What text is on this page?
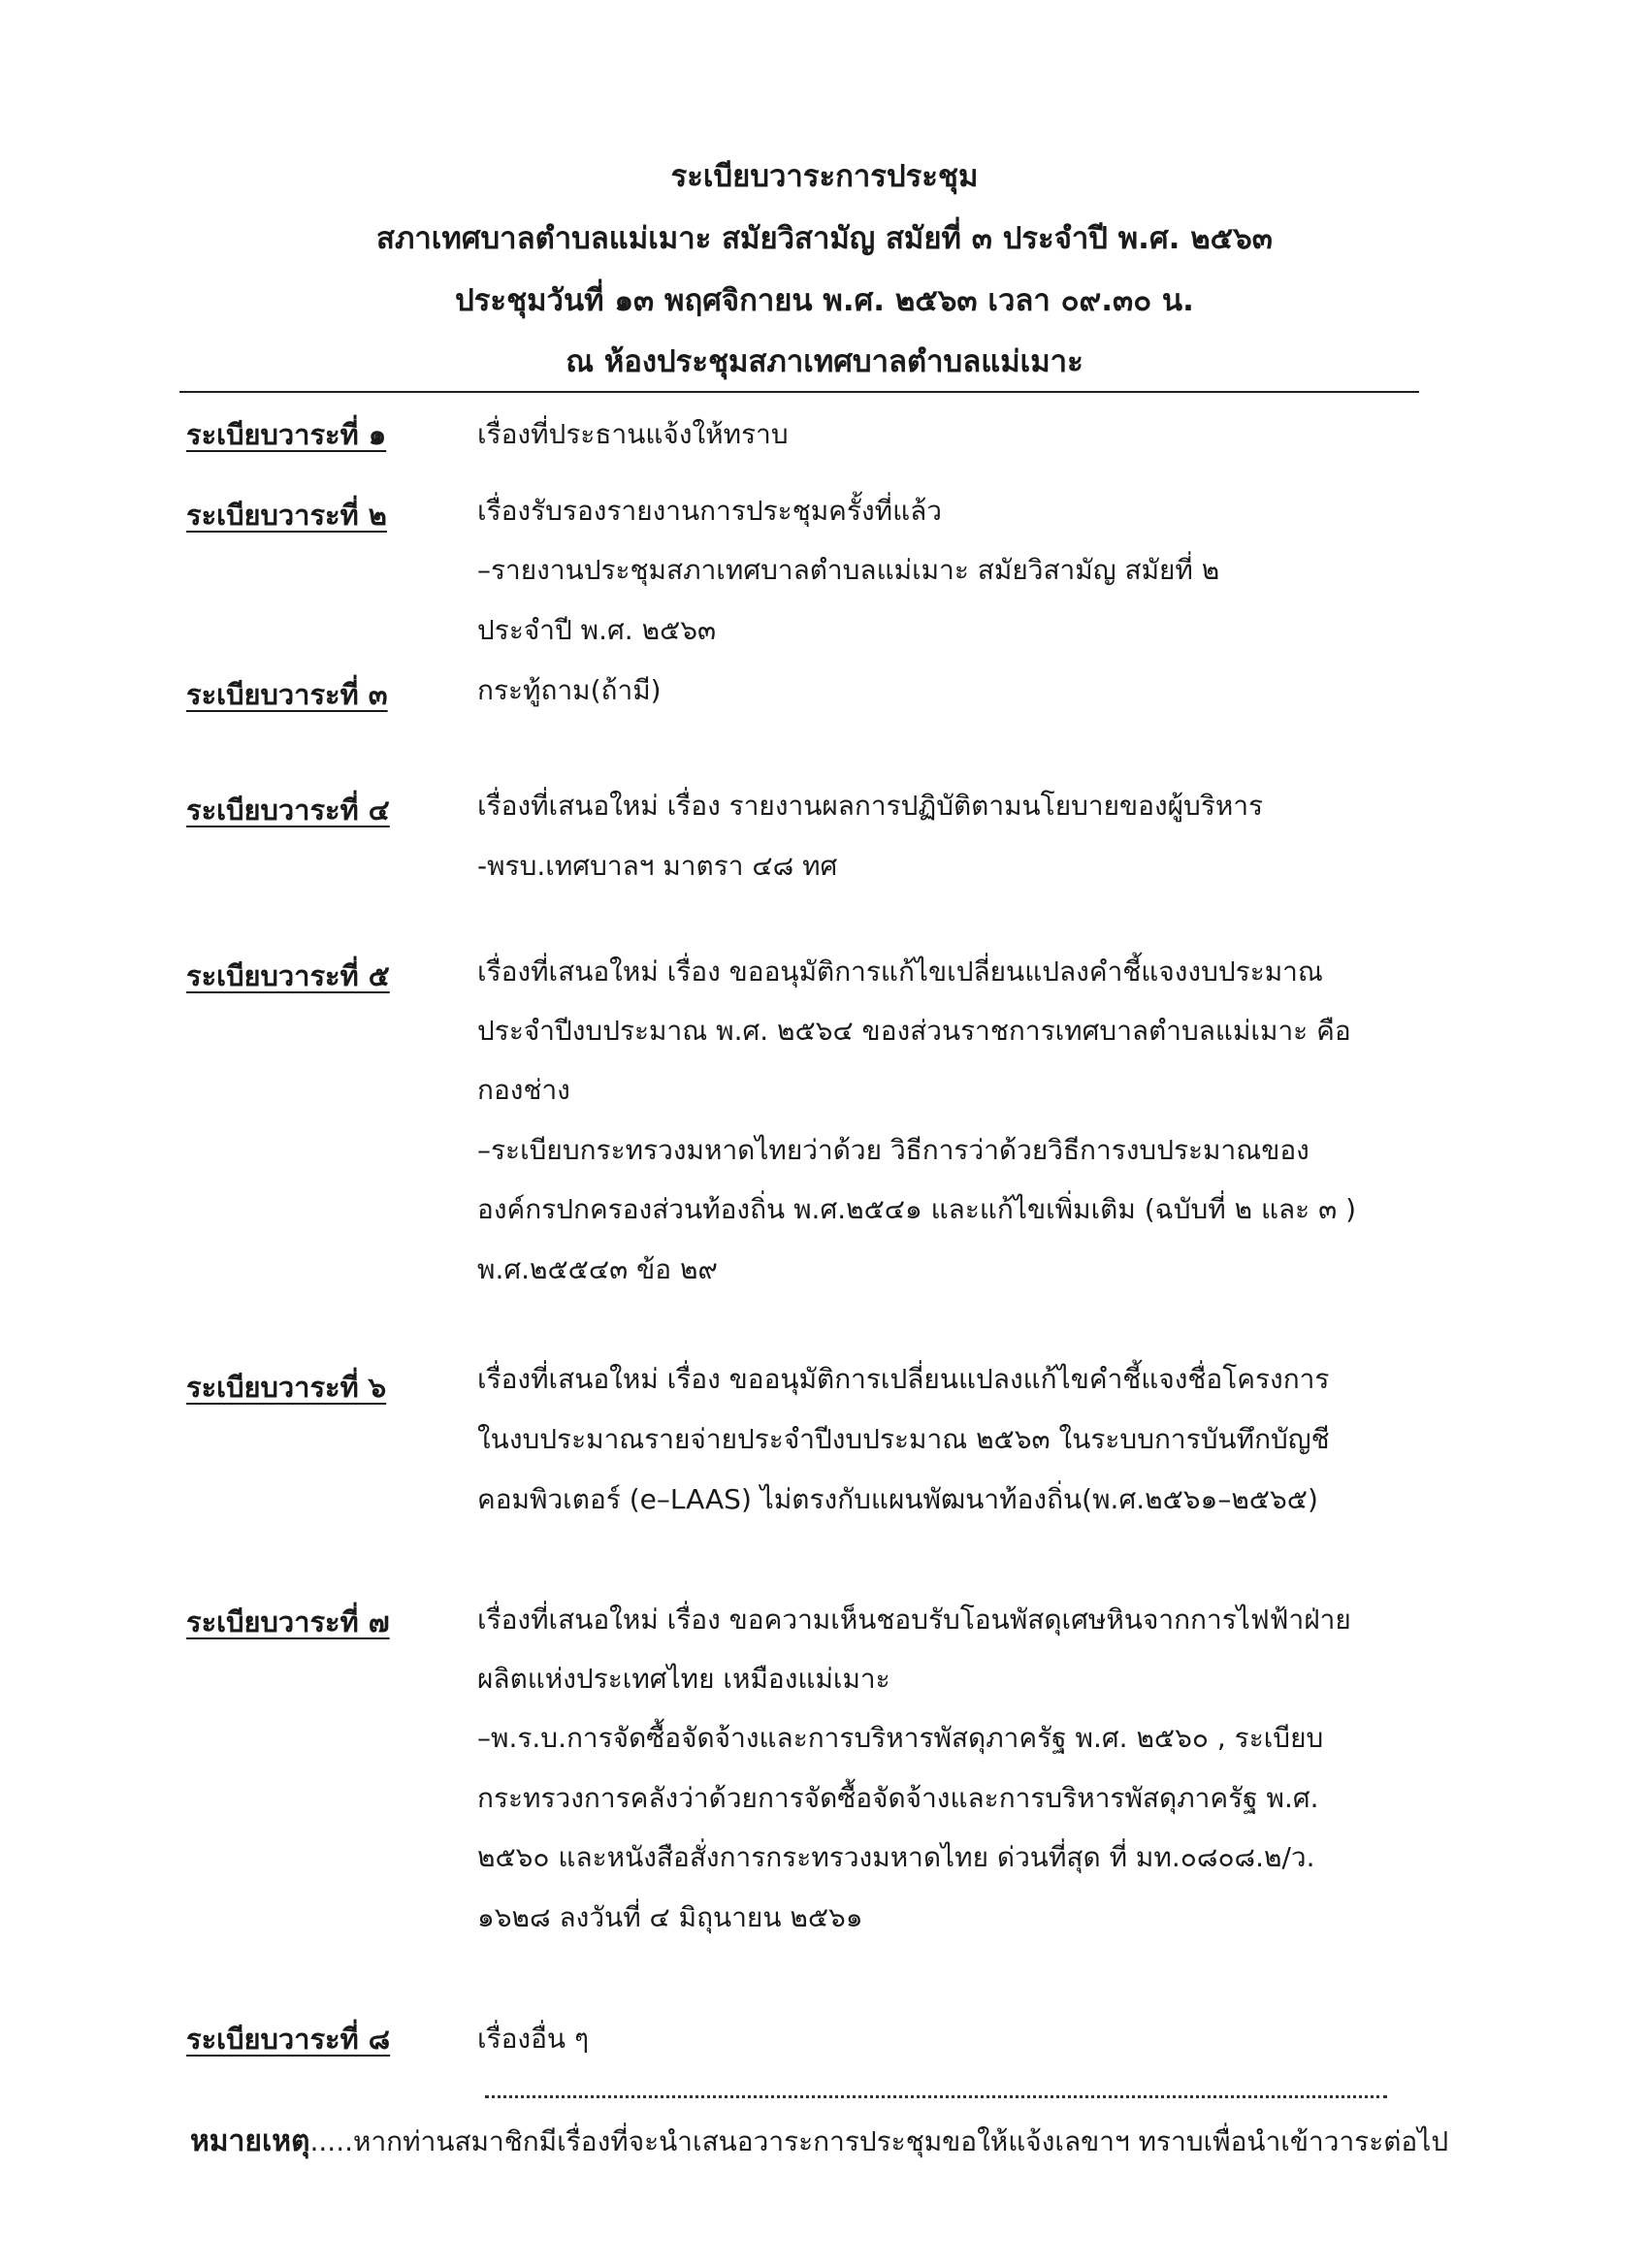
ระเบียบวาระการประชุม
สภาเทศบาลตำบลแม่เมาะ สมัยวิสามัญ สมัยที่ ๓ ประจำปี พ.ศ. ๒๕๖๓
ประชุมวันที่ ๑๓ พฤศจิกายน พ.ศ. ๒๕๖๓ เวลา ๐๙.๓๐ น.
ณ ห้องประชุมสภาเทศบาลตำบลแม่เมาะ
ระเบียบวาระที่ ๑	เรื่องที่ประธานแจ้งให้ทราบ
ระเบียบวาระที่ ๒	เรื่องรับรองรายงานการประชุมครั้งที่แล้ว
–รายงานประชุมสภาเทศบาลตำบลแม่เมาะ สมัยวิสามัญ สมัยที่ ๒
ประจำปี พ.ศ. ๒๕๖๓
ระเบียบวาระที่ ๓	กระทู้ถาม(ถ้ามี)
ระเบียบวาระที่ ๔	เรื่องที่เสนอใหม่ เรื่อง รายงานผลการปฏิบัติตามนโยบายของผู้บริหาร
-พรบ.เทศบาลฯ มาตรา ๔๘ ทศ
ระเบียบวาระที่ ๕	เรื่องที่เสนอใหม่ เรื่อง ขออนุมัติการแก้ไขเปลี่ยนแปลงคำชี้แจงงบประมาณ
ประจำปีงบประมาณ พ.ศ. ๒๕๖๔ ของส่วนราชการเทศบาลตำบลแม่เมาะ คือ
กองช่าง
–ระเบียบกระทรวงมหาดไทยว่าด้วย วิธีการว่าด้วยวิธีการงบประมาณของ
องค์กรปกครองส่วนท้องถิ่น พ.ศ.๒๕๔๑ และแก้ไขเพิ่มเติม (ฉบับที่ ๒ และ ๓ )
พ.ศ.๒๕๕๔๓ ข้อ ๒๙
ระเบียบวาระที่ ๖	เรื่องที่เสนอใหม่ เรื่อง ขออนุมัติการเปลี่ยนแปลงแก้ไขคำชี้แจงชื่อโครงการ
ในงบประมาณรายจ่ายประจำปีงบประมาณ ๒๕๖๓ ในระบบการบันทึกบัญชี
คอมพิวเตอร์ (e–LAAS) ไม่ตรงกับแผนพัฒนาท้องถิ่น(พ.ศ.๒๕๖๑–๒๕๖๕)
ระเบียบวาระที่ ๗	เรื่องที่เสนอใหม่ เรื่อง ขอความเห็นชอบรับโอนพัสดุเศษหินจากการไฟฟ้าฝ่าย
ผลิตแห่งประเทศไทย เหมืองแม่เมาะ
–พ.ร.บ.การจัดซื้อจัดจ้างและการบริหารพัสดุภาครัฐ พ.ศ. ๒๕๖๐ , ระเบียบ
กระทรวงการคลังว่าด้วยการจัดซื้อจัดจ้างและการบริหารพัสดุภาครัฐ พ.ศ.
๒๕๖๐ และหนังสือสั่งการกระทรวงมหาดไทย ด่วนที่สุด ที่ มท.๐๘๐๘.๒/ว.
๑๖๒๘ ลงวันที่ ๔ มิถุนายน ๒๕๖๑
ระเบียบวาระที่ ๘	เรื่องอื่น ๆ
หมายเหตุ.....หากท่านสมาชิกมีเรื่องที่จะนำเสนอวาระการประชุมขอให้แจ้งเลขาฯ ทราบเพื่อนำเข้าวาระต่อไป
